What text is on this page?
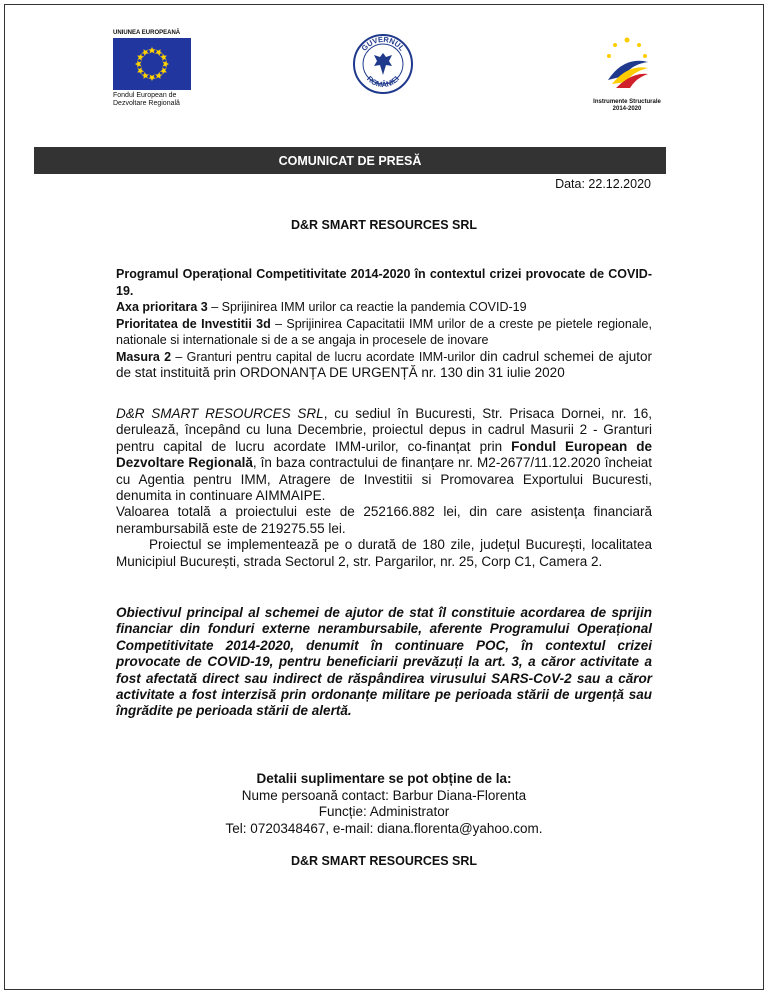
UNIUNEA EUROPEANĂ
Fondul European de
Dezvoltare Regională
GUVERNUL
ROMÂNIEI
Instrumente Structurale
2014-2020
COMUNICAT DE PRESĂ
Data: 22.12.2020
D&R SMART RESOURCES SRL

Programul Operațional Competitivitate 2014-2020 în contextul crizei provocate de COVID-19.

Axa prioritara 3 – Sprijinirea IMM urilor ca reactie la pandemia COVID-19

Prioritatea de Investitii 3d – Sprijinirea Capacitatii IMM urilor de a creste pe pietele regionale, nationale si internationale si de a se angaja in procesele de inovare

Masura 2 – Granturi pentru capital de lucru acordate IMM-urilor din cadrul schemei de ajutor de stat instituită prin ORDONANȚA DE URGENȚĂ nr. 130 din 31 iulie 2020

D&R SMART RESOURCES SRL, cu sediul în Bucuresti, Str. Prisaca Dornei, nr. 16, derulează, începând cu luna Decembrie, proiectul depus in cadrul Masurii 2 - Granturi pentru capital de lucru acordate IMM-urilor, co-finanțat prin Fondul European de Dezvoltare Regională, în baza contractului de finanțare nr. M2-2677/11.12.2020 încheiat cu Agentia pentru IMM, Atragere de Investitii si Promovarea Exportului Bucuresti, denumita in continuare AIMMAIPE.

Valoarea totală a proiectului este de 252166.882 lei, din care asistența financiară nerambursabilă este de 219275.55 lei.

Proiectul se implementează pe o durată de 180 zile, județul București, localitatea Municipiul București, strada Sectorul 2, str. Pargarilor, nr. 25, Corp C1, Camera 2.

Obiectivul principal al schemei de ajutor de stat îl constituie acordarea de sprijin financiar din fonduri externe nerambursabile, aferente Programului Operațional Competitivitate 2014-2020, denumit în continuare POC, în contextul crizei provocate de COVID-19, pentru beneficiarii prevăzuți la art. 3, a căror activitate a fost afectată direct sau indirect de răspândirea virusului SARS-CoV-2 sau a căror activitate a fost interzisă prin ordonanțe militare pe perioada stării de urgență sau îngrădite pe perioada stării de alertă.

Detalii suplimentare se pot obține de la:

Nume persoană contact: Barbur Diana-Florenta

Funcție: Administrator

Tel: 0720348467, e-mail: diana.florenta@yahoo.com.

D&R SMART RESOURCES SRL
